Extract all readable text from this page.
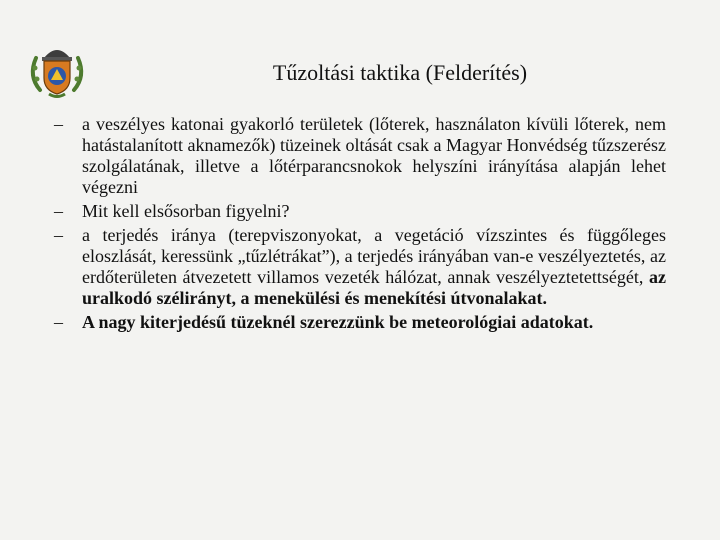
Tűzoltási taktika (Felderítés)
–	a veszélyes katonai gyakorló területek (lőterek, használaton kívüli lőterek, nem hatástalanított aknamezők) tüzeinek oltását csak a Magyar Honvédség tűzszerész szolgálatának, illetve a lőtérparancsnokok helyszíni irányítása alapján lehet végezni
–	Mit kell elsősorban figyelni?
–	a terjedés iránya (terepviszonyokat, a vegetáció vízszintes és függőleges eloszlását, keressünk „tűzlétrákat”), a terjedés irányában van-e veszélyeztetés, az erdőterületen átvezetett villamos vezeték hálózat, annak veszélyeztetettségét, az uralkodó szélirányt, a menekülési és menekítési útvonalakat.
–	A nagy kiterjedésű tüzeknél szerezzünk be meteorológiai adatokat.
